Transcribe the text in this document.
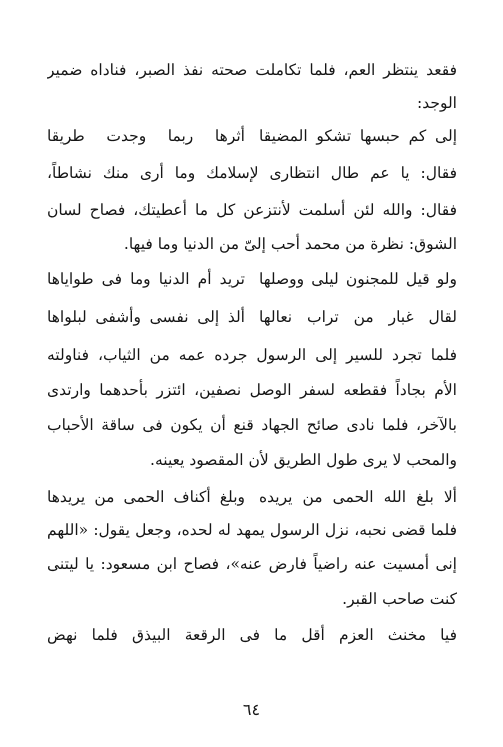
فقعد ينتظر العم، فلما تكاملت صحته نفذ الصبر، فناداه ضمير
الوجد:
إلى كم حبسها تشكو المضيقا
أثرها ربما وجدت طريقا
فقال: يا عم طال انتظارى لإسلامك وما أرى منك نشاطاً،
فقال: والله لئن أسلمت لأنتزعن كل ما أعطيتك، فصاح لسان
الشوق: نظرة من محمد أحب إلىّ من الدنيا وما فيها.
ولو قيل للمجنون ليلى ووصلها
تريد أم الدنيا وما فى طواياها
لقال غبار من تراب نعالها
ألذ إلى نفسى وأشفى لبلواها
فلما تجرد للسير إلى الرسول جرده عمه من الثياب، فناولته
الأم بجاداً فقطعه لسفر الوصل نصفين، ائتزر بأحدهما وارتدى
بالآخر، فلما نادى صائح الجهاد قنع أن يكون فى ساقة الأحباب
والمحب لا يرى طول الطريق لأن المقصود يعينه.
ألا بلغ الله الحمى من يريده
وبلغ أكناف الحمى من يريدها
فلما قضى نحبه، نزل الرسول يمهد له لحده، وجعل يقول: «اللهم
إنى أمسيت عنه راضياً فارض عنه»، فصاح ابن مسعود: يا ليتنى
كنت صاحب القبر.
فيا مخنث العزم أقل ما فى الرقعة البيذق فلما نهض
٦٤
